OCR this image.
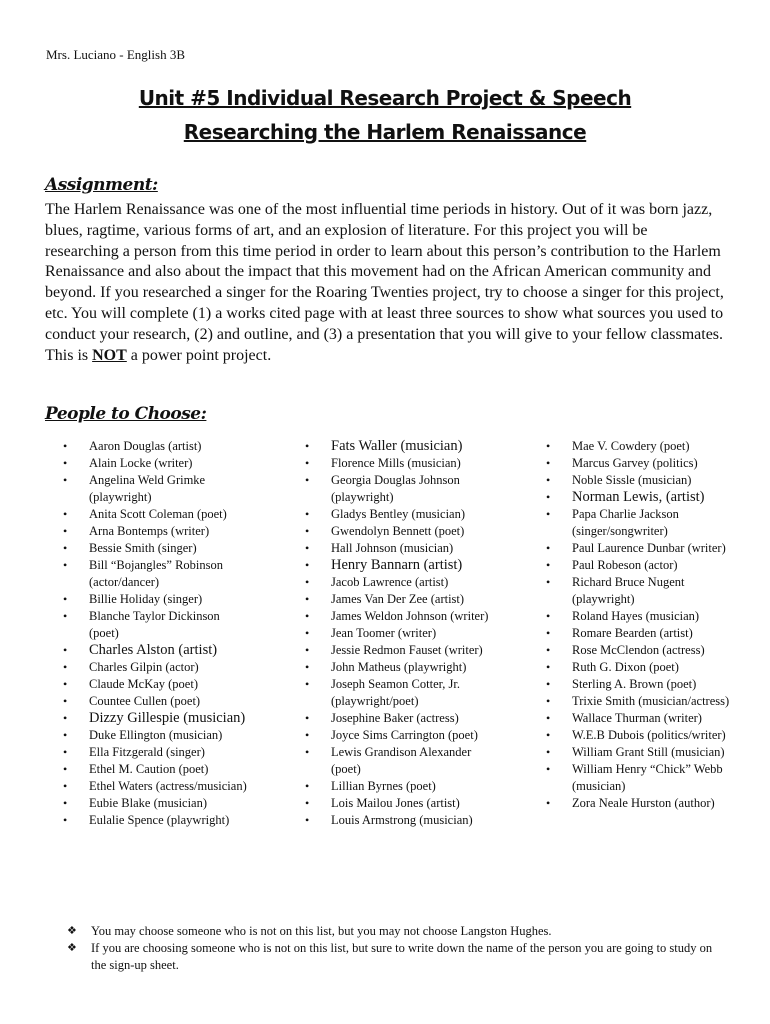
Mrs. Luciano - English 3B
Unit #5 Individual Research Project & Speech
Researching the Harlem Renaissance
Assignment:
The Harlem Renaissance was one of the most influential time periods in history. Out of it was born jazz, blues, ragtime, various forms of art, and an explosion of literature. For this project you will be researching a person from this time period in order to learn about this person’s contribution to the Harlem Renaissance and also about the impact that this movement had on the African American community and beyond. If you researched a singer for the Roaring Twenties project, try to choose a singer for this project, etc. You will complete (1) a works cited page with at least three sources to show what sources you used to conduct your research, (2) and outline, and (3) a presentation that you will give to your fellow classmates. This is NOT a power point project.
People to Choose:
• Aaron Douglas (artist)
• Alain Locke (writer)
• Angelina Weld Grimke (playwright)
• Anita Scott Coleman (poet)
• Arna Bontemps (writer)
• Bessie Smith (singer)
• Bill “Bojangles” Robinson (actor/dancer)
• Billie Holiday (singer)
• Blanche Taylor Dickinson (poet)
• Charles Alston (artist)
• Charles Gilpin (actor)
• Claude McKay (poet)
• Countee Cullen (poet)
• Dizzy Gillespie (musician)
• Duke Ellington (musician)
• Ella Fitzgerald (singer)
• Ethel M. Caution (poet)
• Ethel Waters (actress/musician)
• Eubie Blake (musician)
• Eulalie Spence (playwright)
• Fats Waller (musician)
• Florence Mills (musician)
• Georgia Douglas Johnson (playwright)
• Gladys Bentley (musician)
• Gwendolyn Bennett (poet)
• Hall Johnson (musician)
• Henry Bannarn (artist)
• Jacob Lawrence (artist)
• James Van Der Zee (artist)
• James Weldon Johnson (writer)
• Jean Toomer (writer)
• Jessie Redmon Fauset (writer)
• John Matheus (playwright)
• Joseph Seamon Cotter, Jr. (playwright/poet)
• Josephine Baker (actress)
• Joyce Sims Carrington (poet)
• Lewis Grandison Alexander (poet)
• Lillian Byrnes (poet)
• Lois Mailou Jones (artist)
• Louis Armstrong (musician)
• Mae V. Cowdery (poet)
• Marcus Garvey (politics)
• Noble Sissle (musician)
• Norman Lewis, (artist)
• Papa Charlie Jackson (singer/songwriter)
• Paul Laurence Dunbar (writer)
• Paul Robeson (actor)
• Richard Bruce Nugent (playwright)
• Roland Hayes (musician)
• Romare Bearden (artist)
• Rose McClendon (actress)
• Ruth G. Dixon (poet)
• Sterling A. Brown (poet)
• Trixie Smith (musician/actress)
• Wallace Thurman (writer)
• W.E.B Dubois (politics/writer)
• William Grant Still (musician)
• William Henry “Chick” Webb (musician)
• Zora Neale Hurston (author)
❖ You may choose someone who is not on this list, but you may not choose Langston Hughes.
❖ If you are choosing someone who is not on this list, but sure to write down the name of the person you are going to study on the sign-up sheet.
